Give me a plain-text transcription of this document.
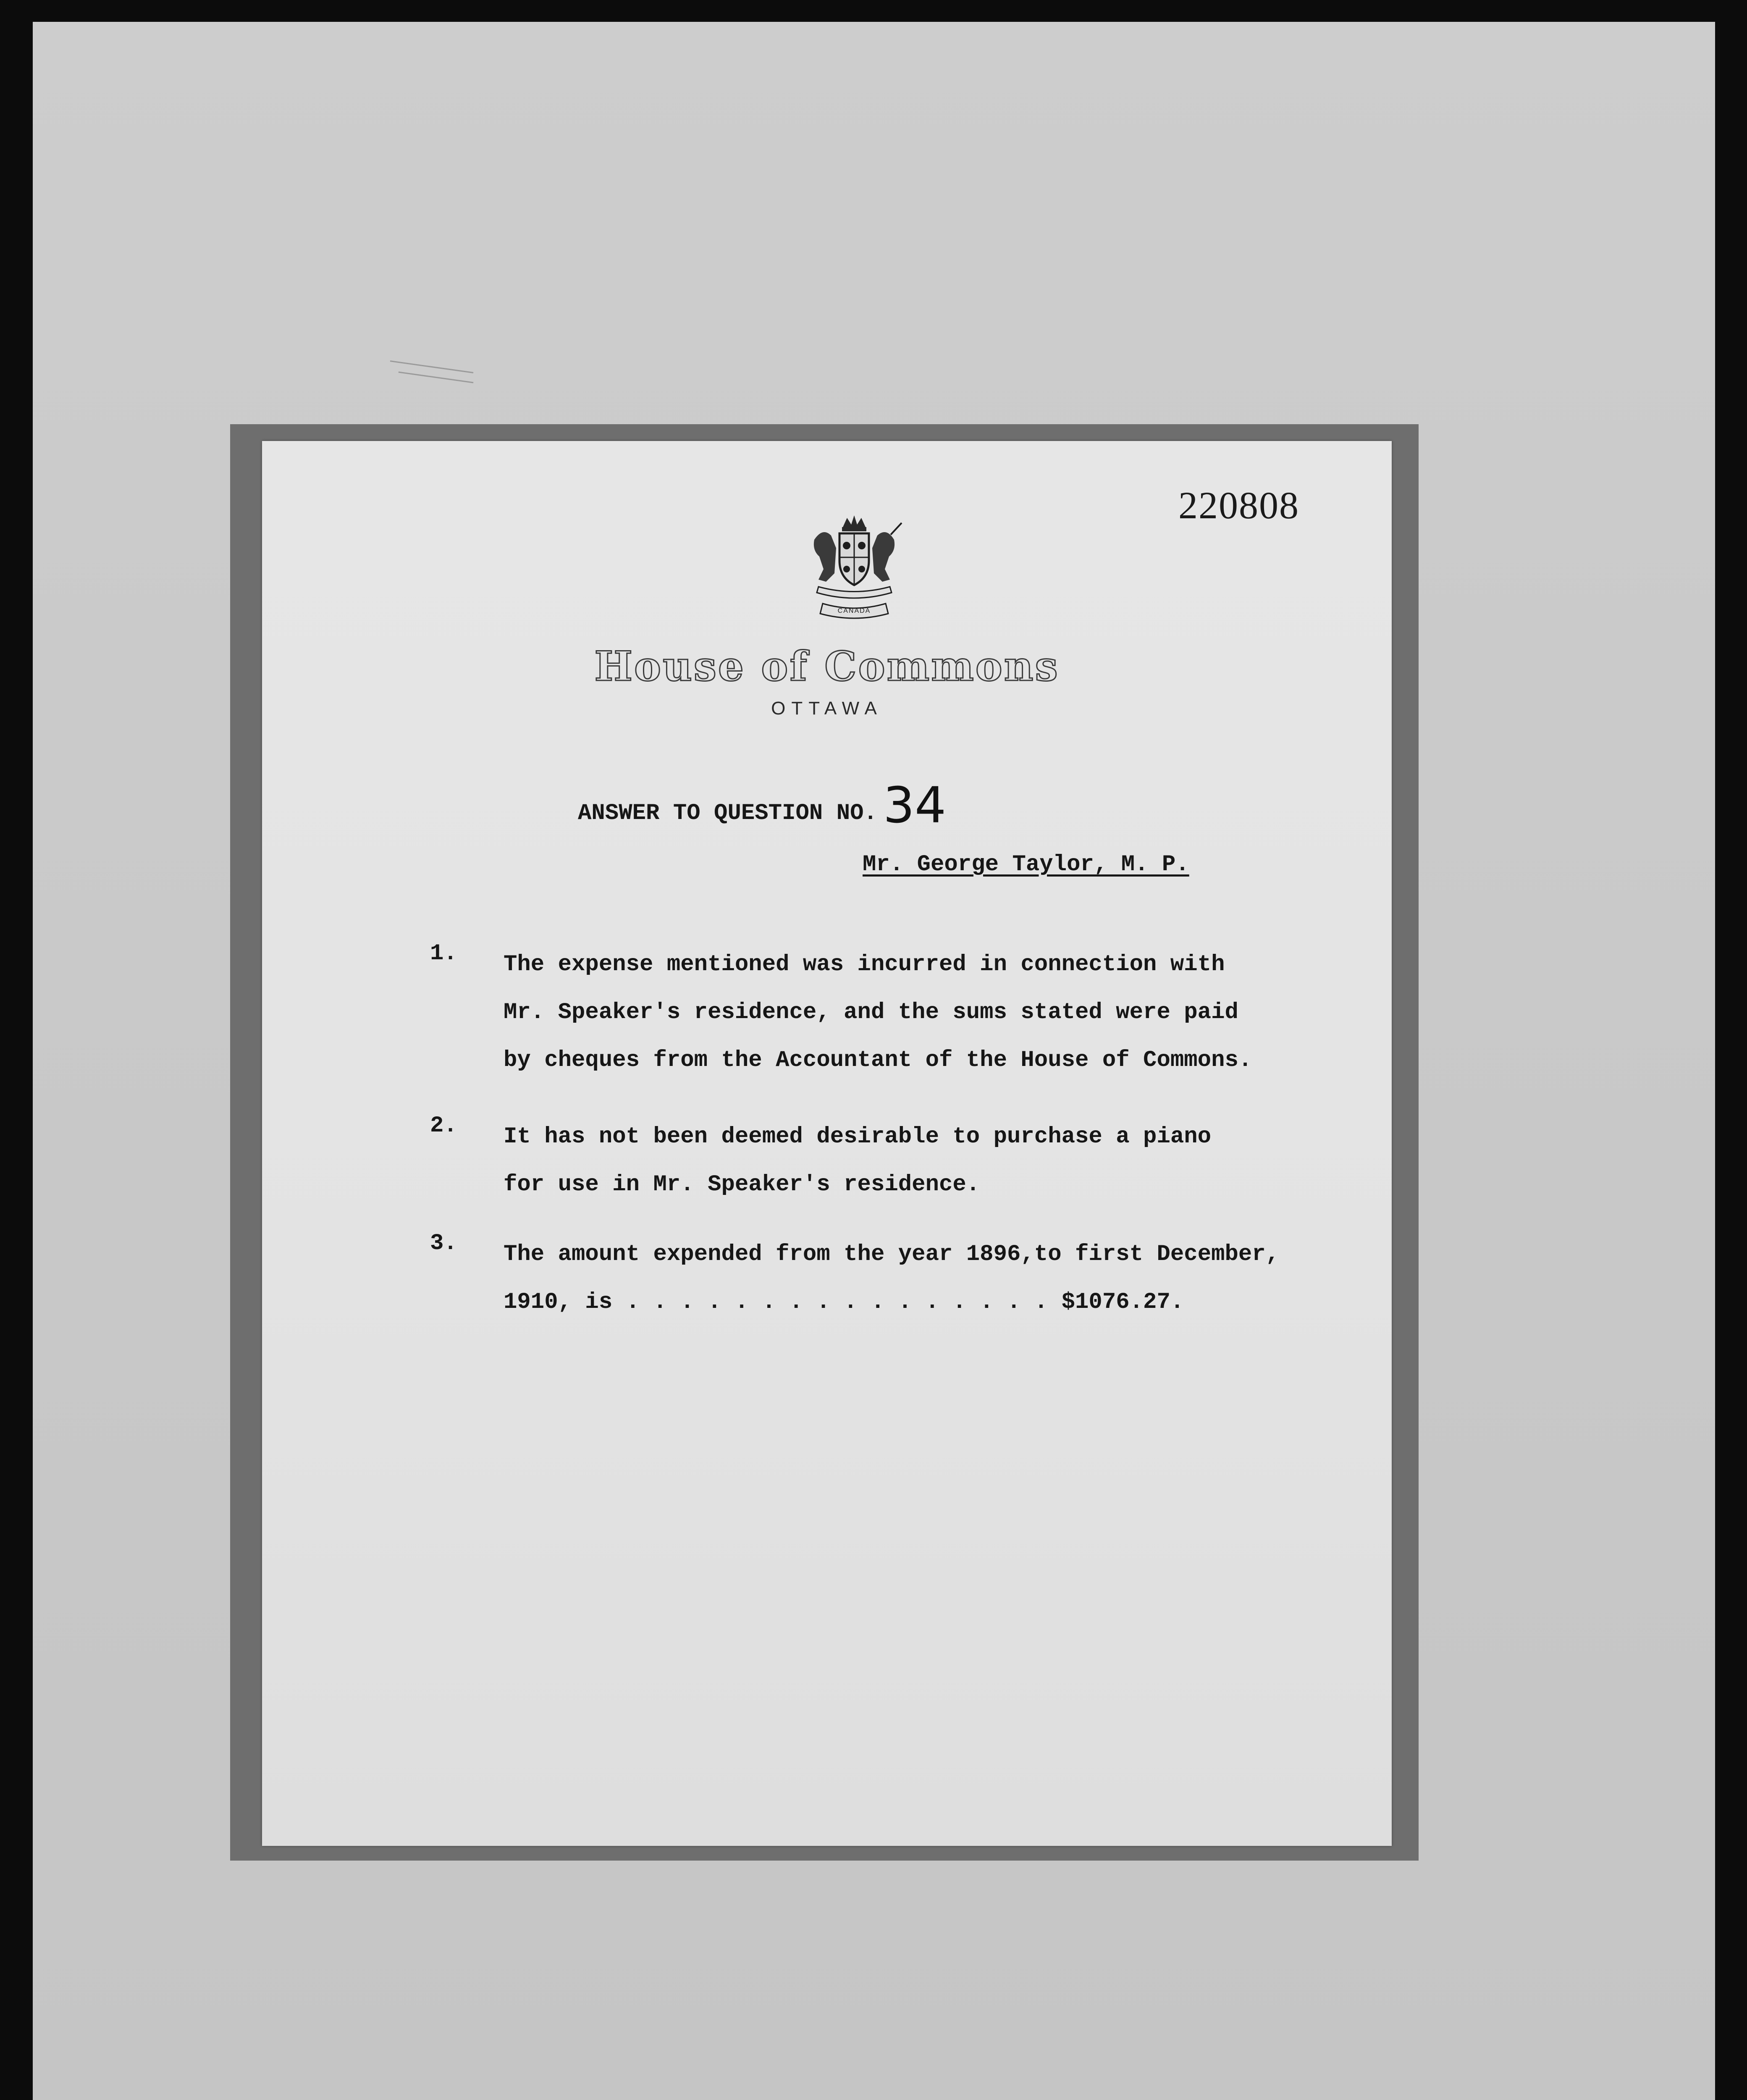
220808
CANADA
House of Commons
OTTAWA
ANSWER TO QUESTION NO. 34
Mr. George Taylor, M. P.

1.

The expense mentioned was incurred in connection with
Mr. Speaker's residence, and the sums stated were paid
by cheques from the Accountant of the House of Commons.

2.

It has not been deemed desirable to purchase a piano
for use in Mr. Speaker's residence.

3.

The amount expended from the year 1896,to first December,
1910, is . . . . . . . . . . . . . . . . $1076.27.
